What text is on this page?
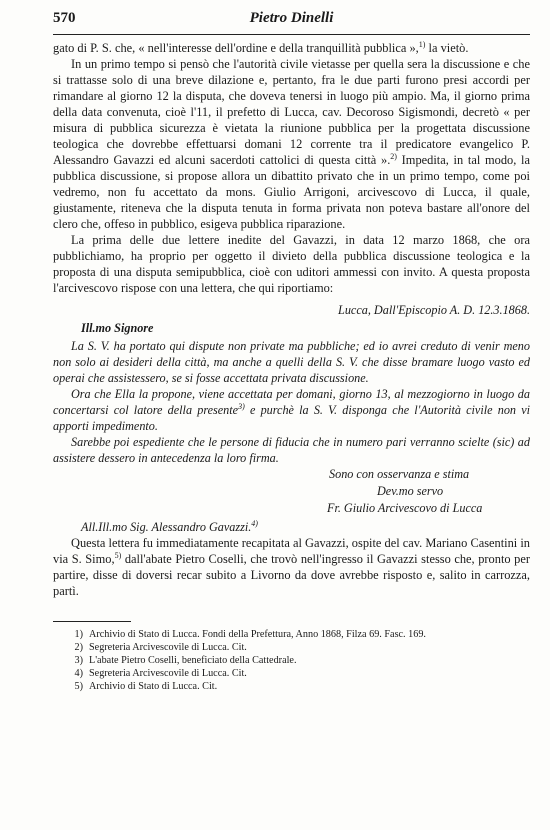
570	Pietro Dinelli

gato di P. S. che, « nell'interesse dell'ordine e della tranquillità pubblica »,$^{1)}$ la vietò.

In un primo tempo si pensò che l'autorità civile vietasse per quella sera la discussione e che si trattasse solo di una breve dilazione e, pertanto, fra le due parti furono presi accordi per rimandare al giorno 12 la disputa, che doveva tenersi in luogo più ampio. Ma, il giorno prima della data convenuta, cioè l'11, il prefetto di Lucca, cav. Decoroso Sigismondi, decretò « per misura di pubblica sicurezza è vietata la riunione pubblica per la progettata discussione teologica che dovrebbe effettuarsi domani 12 corrente tra il predicatore evangelico P. Alessandro Gavazzi ed alcuni sacerdoti cattolici di questa città ».$^{2)}$ Impedita, in tal modo, la pubblica discussione, si propose allora un dibattito privato che in un primo tempo, come poi vedremo, non fu accettato da mons. Giulio Arrigoni, arcivescovo di Lucca, il quale, giustamente, riteneva che la disputa tenuta in forma privata non poteva bastare all'onore del clero che, offeso in pubblico, esigeva pubblica riparazione.

La prima delle due lettere inedite del Gavazzi, in data 12 marzo 1868, che ora pubblichiamo, ha proprio per oggetto il divieto della pubblica discussione teologica e la proposta di una disputa semipubblica, cioè con uditori ammessi con invito. A questa proposta l'arcivescovo rispose con una lettera, che qui riportiamo:

Lucca, Dall'Episcopio A. D. 12.3.1868.
Ill.mo Signore

La S. V. ha portato qui dispute non private ma pubbliche; ed io avrei creduto di venir meno non solo ai desideri della città, ma anche a quelli della S. V. che disse bramare luogo vasto ed operai che assistessero, se si fosse accettata privata discussione.

Ora che Ella la propone, viene accettata per domani, giorno 13, al mezzogiorno in luogo da concertarsi col latore della presente$^{3)}$ e purchè la S. V. disponga che l'Autorità civile non vi apporti impedimento.

Sarebbe poi espediente che le persone di fiducia che in numero pari verranno scielte (sic) ad assistere dessero in antecedenza la loro firma.

Sono con osservanza e stima
Dev.mo servo
Fr. Giulio Arcivescovo di Lucca
All.Ill.mo Sig. Alessandro Gavazzi.$^{4)}$

Questa lettera fu immediatamente recapitata al Gavazzi, ospite del cav. Mariano Casentini in via S. Simo,$^{5)}$ dall'abate Pietro Coselli, che trovò nell'ingresso il Gavazzi stesso che, pronto per partire, disse di doversi recar subito a Livorno da dove avrebbe risposto e, salito in carrozza, partì.

1) Archivio di Stato di Lucca. Fondi della Prefettura, Anno 1868, Filza 69. Fasc. 169.
2) Segreteria Arcivescovile di Lucca. Cit.
3) L'abate Pietro Coselli, beneficiato della Cattedrale.
4) Segreteria Arcivescovile di Lucca. Cit.
5) Archivio di Stato di Lucca. Cit.
